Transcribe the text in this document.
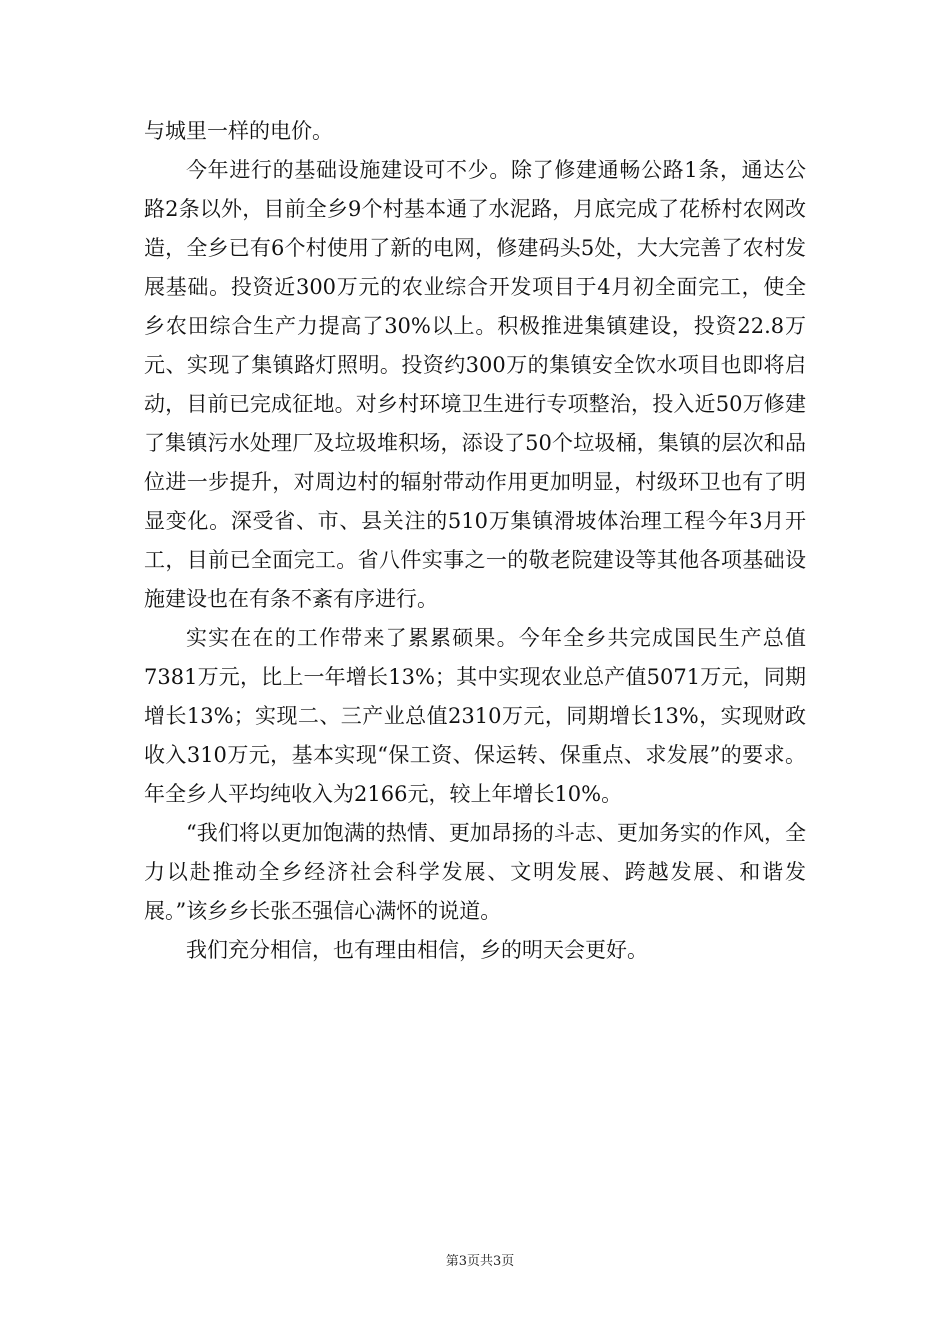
与城里一样的电价。

今年进行的基础设施建设可不少。除了修建通畅公路1条，通达公路2条以外，目前全乡9个村基本通了水泥路，月底完成了花桥村农网改造，全乡已有6个村使用了新的电网，修建码头5处，大大完善了农村发展基础。投资近300万元的农业综合开发项目于4月初全面完工，使全乡农田综合生产力提高了30%以上。积极推进集镇建设，投资22.8万元、实现了集镇路灯照明。投资约300万的集镇安全饮水项目也即将启动，目前已完成征地。对乡村环境卫生进行专项整治，投入近50万修建了集镇污水处理厂及垃圾堆积场，添设了50个垃圾桶，集镇的层次和品位进一步提升，对周边村的辐射带动作用更加明显，村级环卫也有了明显变化。深受省、市、县关注的510万集镇滑坡体治理工程今年3月开工，目前已全面完工。省八件实事之一的敬老院建设等其他各项基础设施建设也在有条不紊有序进行。

实实在在的工作带来了累累硕果。今年全乡共完成国民生产总值7381万元，比上一年增长13%；其中实现农业总产值5071万元，同期增长13%；实现二、三产业总值2310万元，同期增长13%，实现财政收入310万元，基本实现“保工资、保运转、保重点、求发展”的要求。年全乡人平均纯收入为2166元，较上年增长10%。

“我们将以更加饱满的热情、更加昂扬的斗志、更加务实的作风，全力以赴推动全乡经济社会科学发展、文明发展、跨越发展、和谐发展。”该乡乡长张丕强信心满怀的说道。

我们充分相信，也有理由相信，乡的明天会更好。

第3页共3页
